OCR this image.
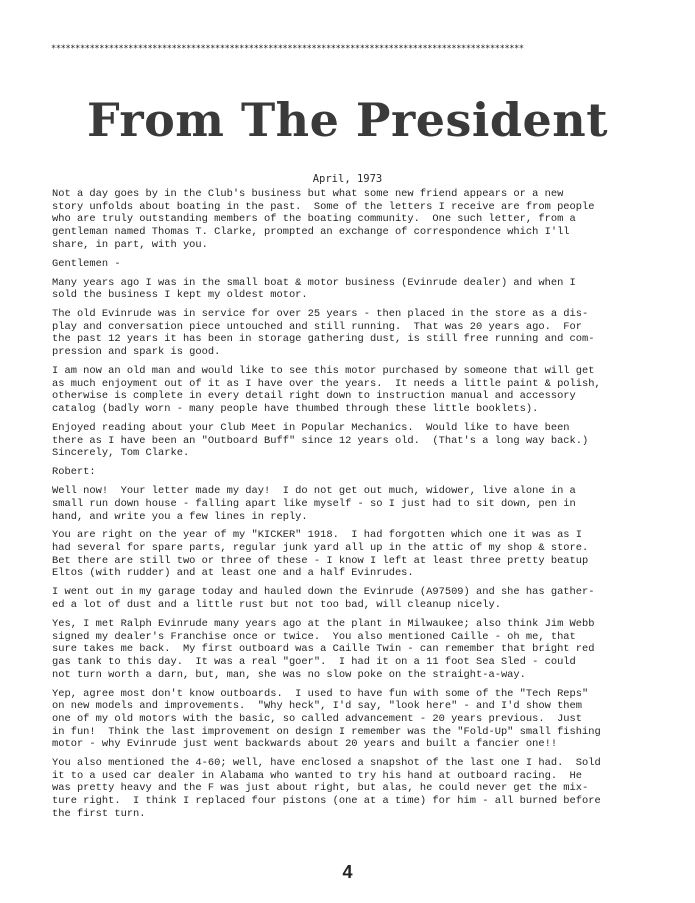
**************************************************************************************************
From The President
April, 1973
Not a day goes by in the Club's business but what some new friend appears or a new
story unfolds about boating in the past.  Some of the letters I receive are from people
who are truly outstanding members of the boating community.  One such letter, from a
gentleman named Thomas T. Clarke, prompted an exchange of correspondence which I'll
share, in part, with you.
Gentlemen -
Many years ago I was in the small boat & motor business (Evinrude dealer) and when I
sold the business I kept my oldest motor.
The old Evinrude was in service for over 25 years - then placed in the store as a dis-
play and conversation piece untouched and still running.  That was 20 years ago.  For
the past 12 years it has been in storage gathering dust, is still free running and com-
pression and spark is good.
I am now an old man and would like to see this motor purchased by someone that will get
as much enjoyment out of it as I have over the years.  It needs a little paint & polish,
otherwise is complete in every detail right down to instruction manual and accessory
catalog (badly worn - many people have thumbed through these little booklets).
Enjoyed reading about your Club Meet in Popular Mechanics.  Would like to have been
there as I have been an "Outboard Buff" since 12 years old.  (That's a long way back.)
Sincerely, Tom Clarke.
Robert:
Well now!  Your letter made my day!  I do not get out much, widower, live alone in a
small run down house - falling apart like myself - so I just had to sit down, pen in
hand, and write you a few lines in reply.
You are right on the year of my "KICKER" 1918.  I had forgotten which one it was as I
had several for spare parts, regular junk yard all up in the attic of my shop & store.
Bet there are still two or three of these - I know I left at least three pretty beatup
Eltos (with rudder) and at least one and a half Evinrudes.
I went out in my garage today and hauled down the Evinrude (A97509) and she has gather-
ed a lot of dust and a little rust but not too bad, will cleanup nicely.
Yes, I met Ralph Evinrude many years ago at the plant in Milwaukee; also think Jim Webb
signed my dealer's Franchise once or twice.  You also mentioned Caille - oh me, that
sure takes me back.  My first outboard was a Caille Twin - can remember that bright red
gas tank to this day.  It was a real "goer".  I had it on a 11 foot Sea Sled - could
not turn worth a darn, but, man, she was no slow poke on the straight-a-way.
Yep, agree most don't know outboards.  I used to have fun with some of the "Tech Reps"
on new models and improvements.  "Why heck", I'd say, "look here" - and I'd show them
one of my old motors with the basic, so called advancement - 20 years previous.  Just
in fun!  Think the last improvement on design I remember was the "Fold-Up" small fishing
motor - why Evinrude just went backwards about 20 years and built a fancier one!!
You also mentioned the 4-60; well, have enclosed a snapshot of the last one I had.  Sold
it to a used car dealer in Alabama who wanted to try his hand at outboard racing.  He
was pretty heavy and the F was just about right, but alas, he could never get the mix-
ture right.  I think I replaced four pistons (one at a time) for him - all burned before
the first turn.
4
